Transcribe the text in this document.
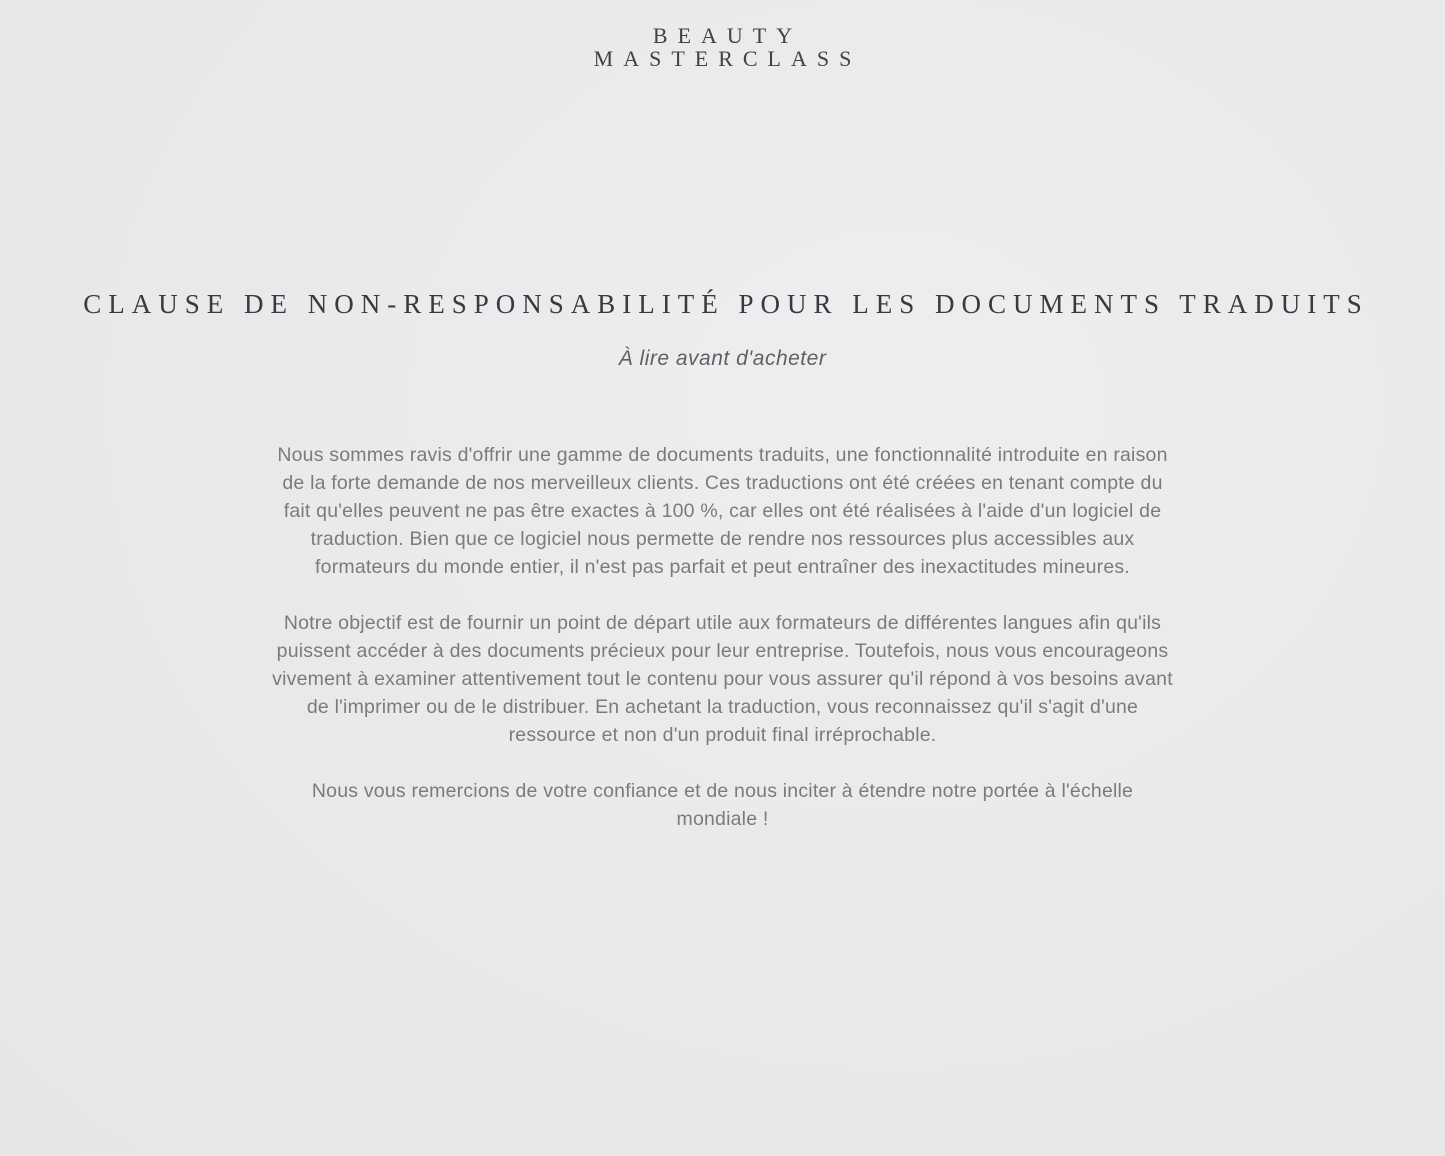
BEAUTY
MASTERCLASS
CLAUSE DE NON-RESPONSABILITÉ POUR LES DOCUMENTS TRADUITS

À lire avant d'acheter

Nous sommes ravis d'offrir une gamme de documents traduits, une fonctionnalité introduite en raison de la forte demande de nos merveilleux clients. Ces traductions ont été créées en tenant compte du fait qu'elles peuvent ne pas être exactes à 100 %, car elles ont été réalisées à l'aide d'un logiciel de traduction. Bien que ce logiciel nous permette de rendre nos ressources plus accessibles aux formateurs du monde entier, il n'est pas parfait et peut entraîner des inexactitudes mineures.

Notre objectif est de fournir un point de départ utile aux formateurs de différentes langues afin qu'ils puissent accéder à des documents précieux pour leur entreprise. Toutefois, nous vous encourageons vivement à examiner attentivement tout le contenu pour vous assurer qu'il répond à vos besoins avant de l'imprimer ou de le distribuer. En achetant la traduction, vous reconnaissez qu'il s'agit d'une ressource et non d'un produit final irréprochable.

Nous vous remercions de votre confiance et de nous inciter à étendre notre portée à l'échelle mondiale !
